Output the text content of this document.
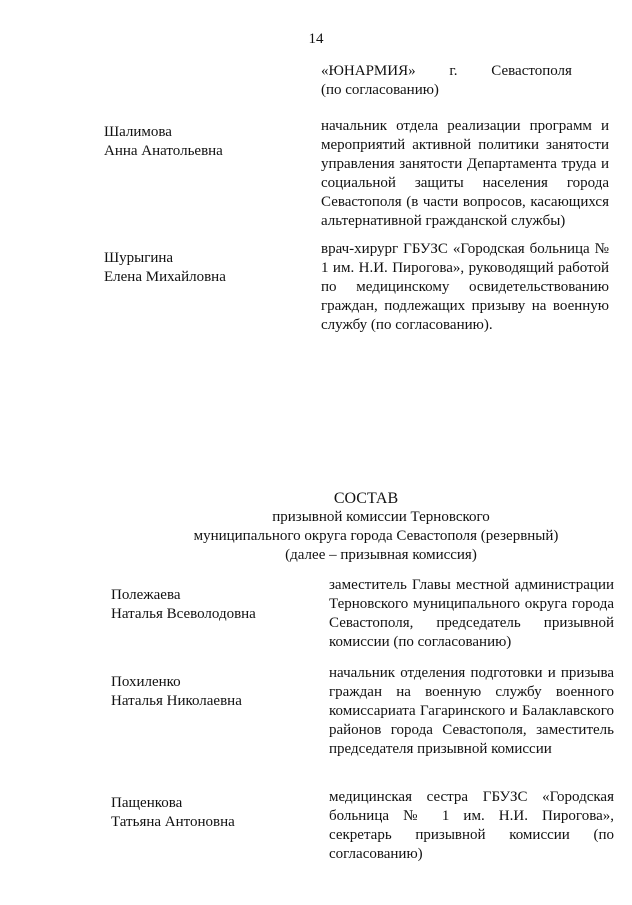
14
«ЮНАРМИЯ»         г.         Севастополя
(по согласованию)
Шалимова
Анна Анатольевна
начальник отдела реализации программ и мероприятий активной политики занятости управления занятости Департамента труда и социальной защиты населения города Севастополя (в части вопросов, касающихся альтернативной гражданской службы)
Шурыгина
Елена Михайловна
врач-хирург ГБУЗС «Городская больница № 1 им. Н.И. Пирогова», руководящий работой по медицинскому освидетельствованию граждан, подлежащих призыву на военную службу (по согласованию).
СОСТАВ
призывной комиссии Терновского
муниципального округа города Севастополя (резервный)
(далее – призывная комиссия)
Полежаева
Наталья Всеволодовна
заместитель Главы местной администрации Терновского муниципального округа города Севастополя, председатель призывной комиссии (по согласованию)
Похиленко
Наталья Николаевна
начальник отделения подготовки и призыва граждан на военную службу военного комиссариата Гагаринского и Балаклавского районов города Севастополя, заместитель председателя призывной комиссии
Пащенкова
Татьяна Антоновна
медицинская сестра ГБУЗС «Городская больница № 1 им. Н.И. Пирогова», секретарь призывной комиссии (по согласованию)
